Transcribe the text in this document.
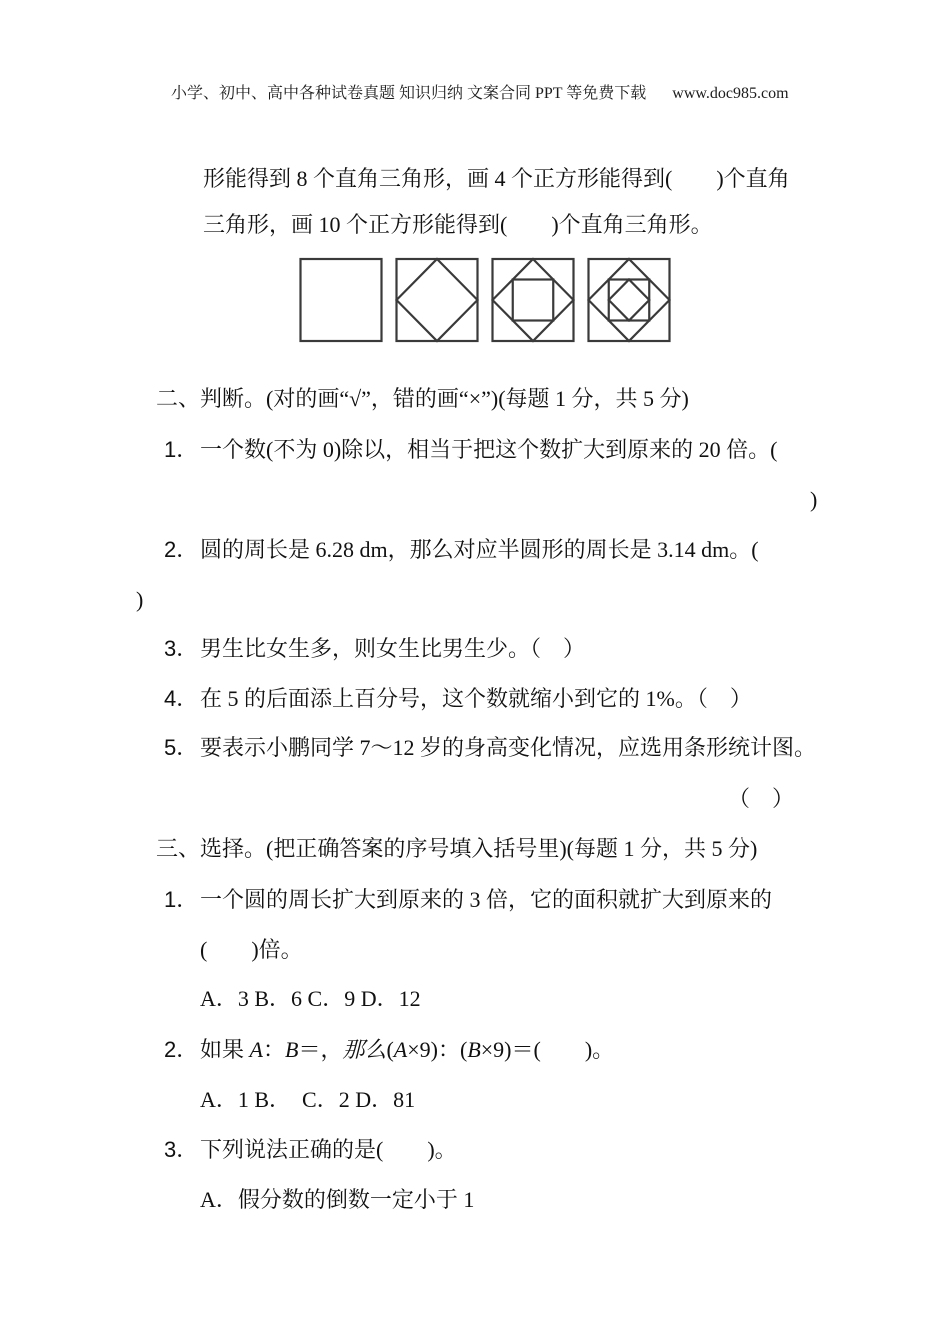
小学、初中、高中各种试卷真题 知识归纳 文案合同 PPT 等免费下载 www.doc985.com

形能得到 8 个直角三角形，画 4 个正方形能得到(　　)个直角
三角形，画 10 个正方形能得到(　　)个直角三角形。
二、判断。(对的画“√”，错的画“×”)(每题 1 分，共 5 分)
1．一个数(不为 0)除以，相当于把这个数扩大到原来的 20 倍。(
)
2．圆的周长是 6.28 dm，那么对应半圆形的周长是 3.14 dm。(
)
3．男生比女生多，则女生比男生少。（　）
4．在 5 的后面添上百分号，这个数就缩小到它的 1%。（　）
5．要表示小鹏同学 7～12 岁的身高变化情况，应选用条形统计图。
（　）
三、选择。(把正确答案的序号填入括号里)(每题 1 分，共 5 分)
1．一个圆的周长扩大到原来的 3 倍，它的面积就扩大到原来的
(　　)倍。
A．3 B．6 C．9 D．12
2．如果 A：B＝，那么(A×9)：(B×9)＝(　　)。
A．1 B．　C．2 D．81
3．下列说法正确的是(　　)。
A．假分数的倒数一定小于 1
